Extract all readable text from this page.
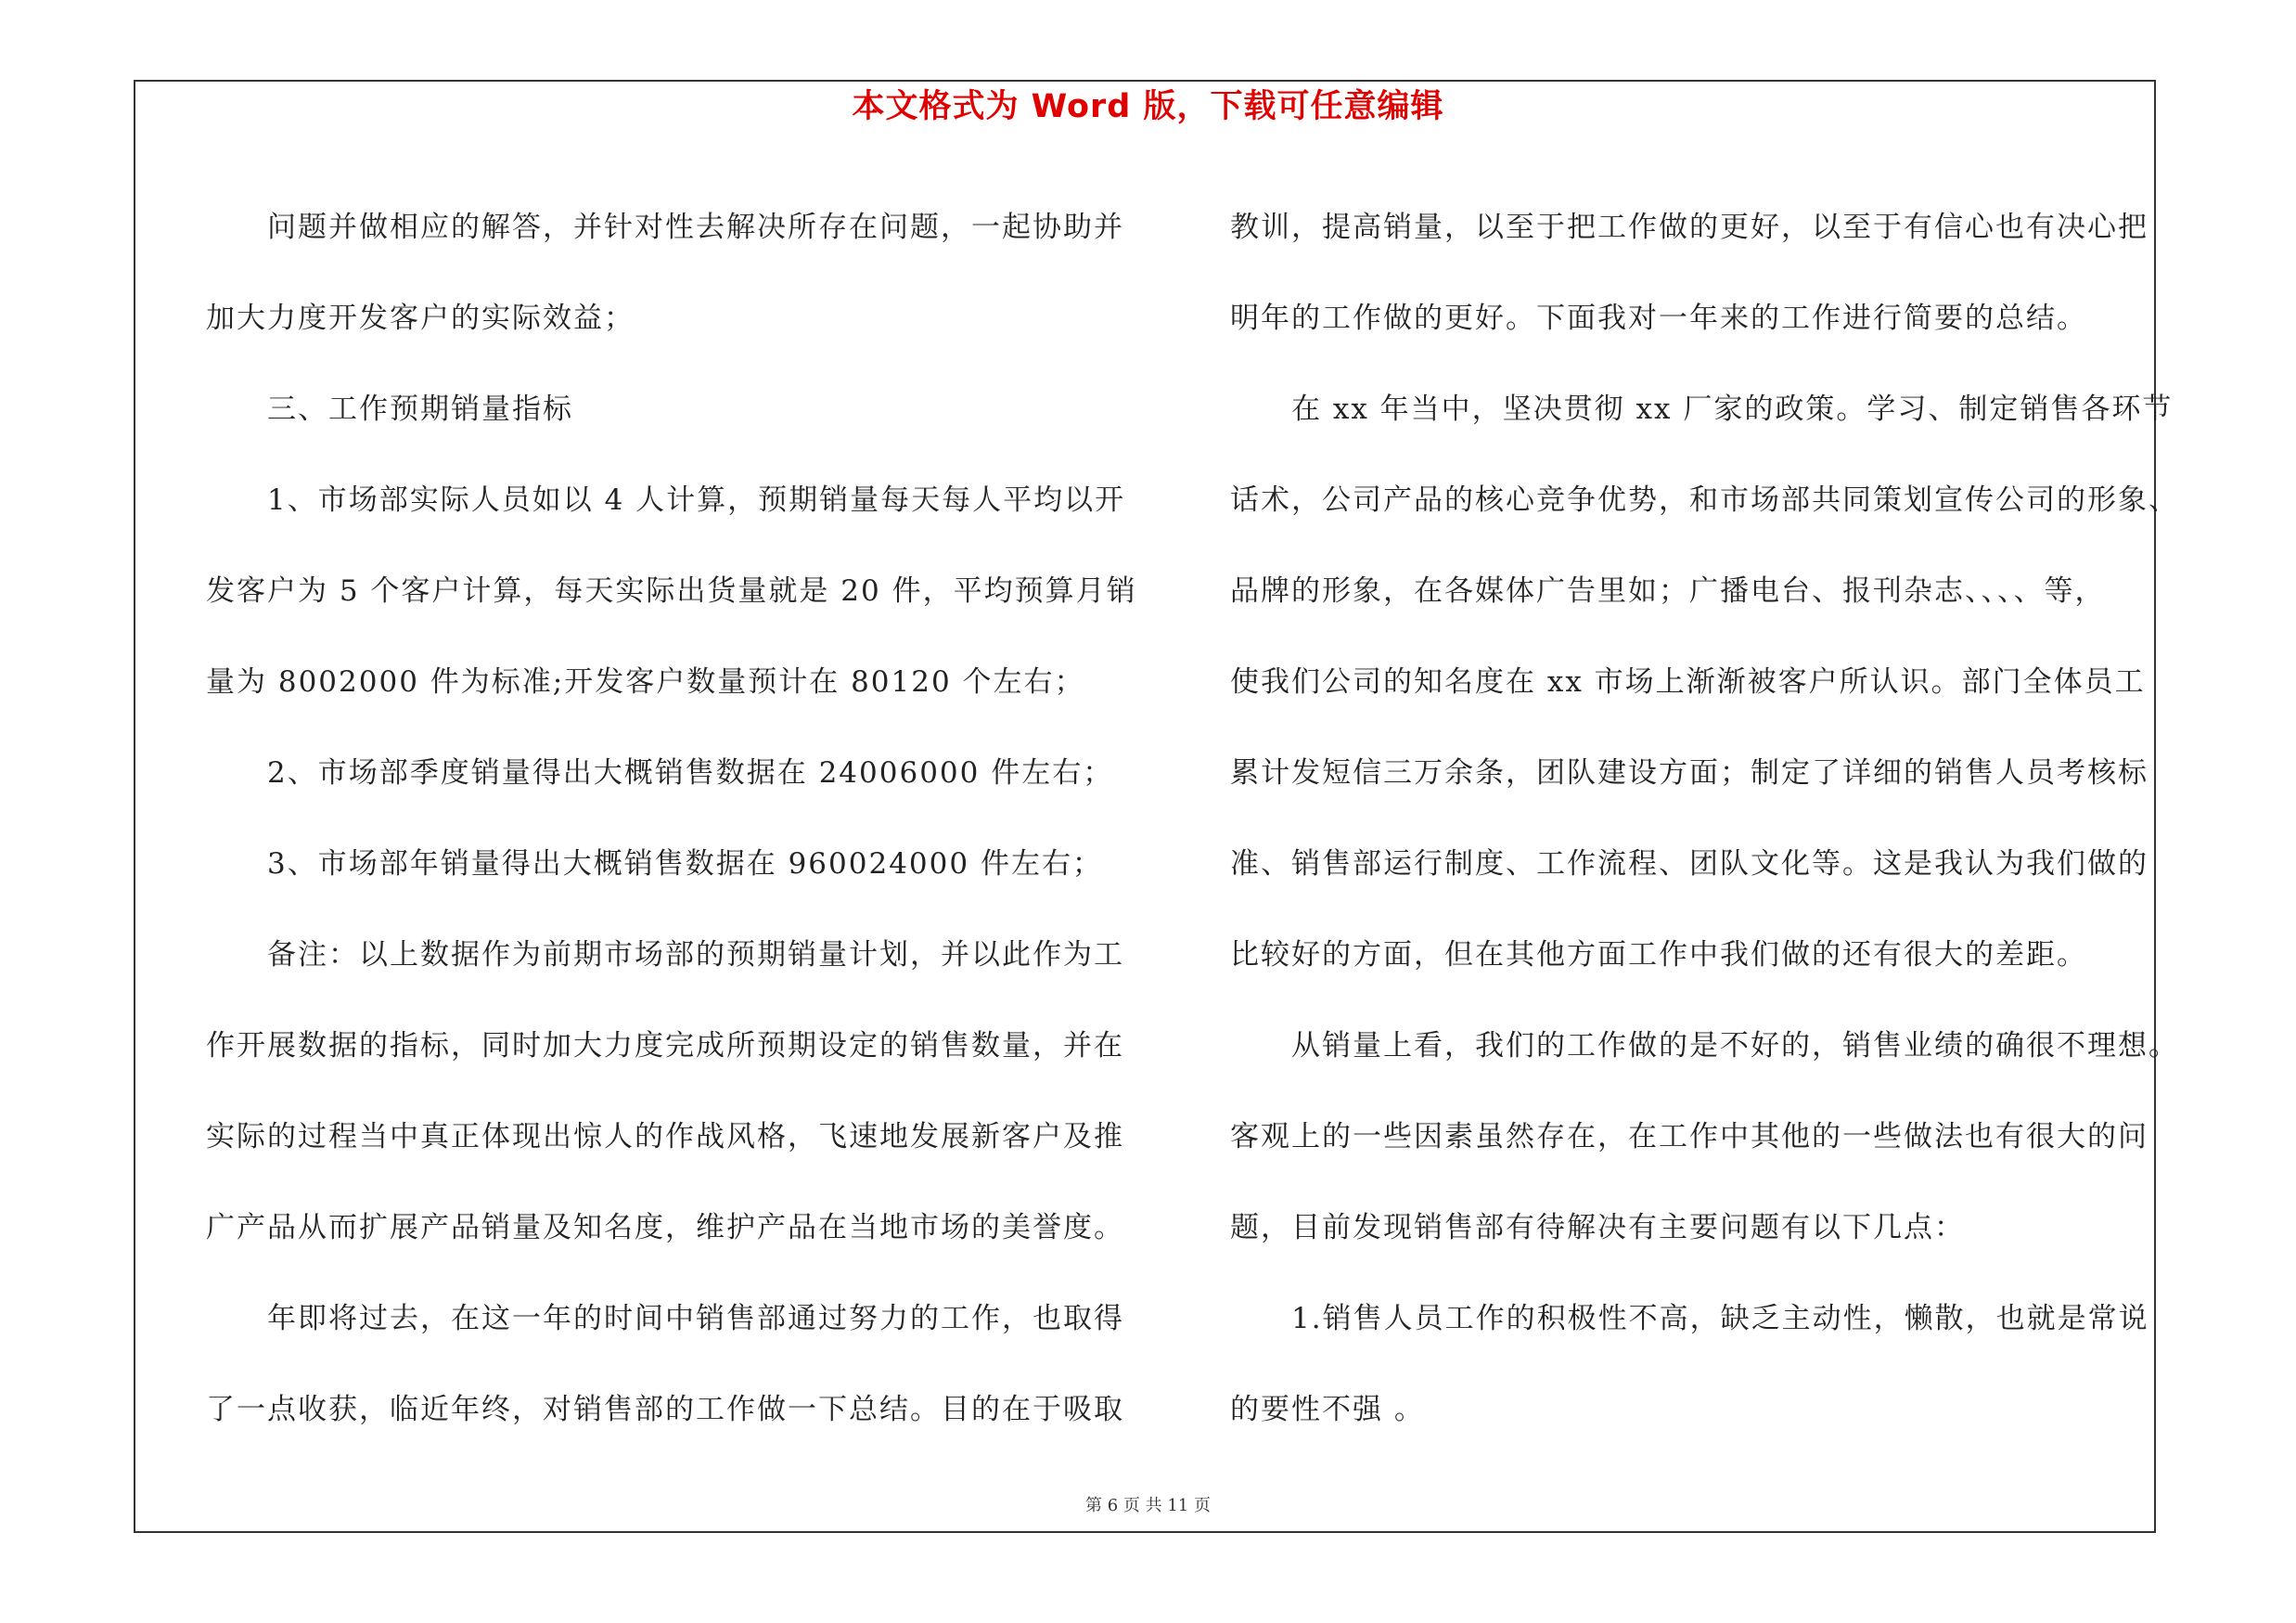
本文格式为 Word 版，下载可任意编辑
问题并做相应的解答，并针对性去解决所存在问题，一起协助并
加大力度开发客户的实际效益；
三、工作预期销量指标
1、市场部实际人员如以 4 人计算，预期销量每天每人平均以开
发客户为 5 个客户计算，每天实际出货量就是 20 件，平均预算月销
量为 8002000 件为标准;开发客户数量预计在 80120 个左右；
2、市场部季度销量得出大概销售数据在 24006000 件左右；
3、市场部年销量得出大概销售数据在 960024000 件左右；
备注：以上数据作为前期市场部的预期销量计划，并以此作为工
作开展数据的指标，同时加大力度完成所预期设定的销售数量，并在
实际的过程当中真正体现出惊人的作战风格，飞速地发展新客户及推
广产品从而扩展产品销量及知名度，维护产品在当地市场的美誉度。
年即将过去，在这一年的时间中销售部通过努力的工作，也取得
了一点收获，临近年终，对销售部的工作做一下总结。目的在于吸取
教训，提高销量，以至于把工作做的更好，以至于有信心也有决心把
明年的工作做的更好。下面我对一年来的工作进行简要的总结。
在 xx 年当中，坚决贯彻 xx 厂家的政策。学习、制定销售各环节
话术，公司产品的核心竞争优势，和市场部共同策划宣传公司的形象、
品牌的形象，在各媒体广告里如；广播电台、报刊杂志、、、、等，
使我们公司的知名度在 xx 市场上渐渐被客户所认识。部门全体员工
累计发短信三万余条，团队建设方面；制定了详细的销售人员考核标
准、销售部运行制度、工作流程、团队文化等。这是我认为我们做的
比较好的方面，但在其他方面工作中我们做的还有很大的差距。
从销量上看，我们的工作做的是不好的，销售业绩的确很不理想。
客观上的一些因素虽然存在，在工作中其他的一些做法也有很大的问
题，目前发现销售部有待解决有主要问题有以下几点：
1.销售人员工作的积极性不高，缺乏主动性，懒散，也就是常说
的要性不强 。
第 6 页 共 11 页
